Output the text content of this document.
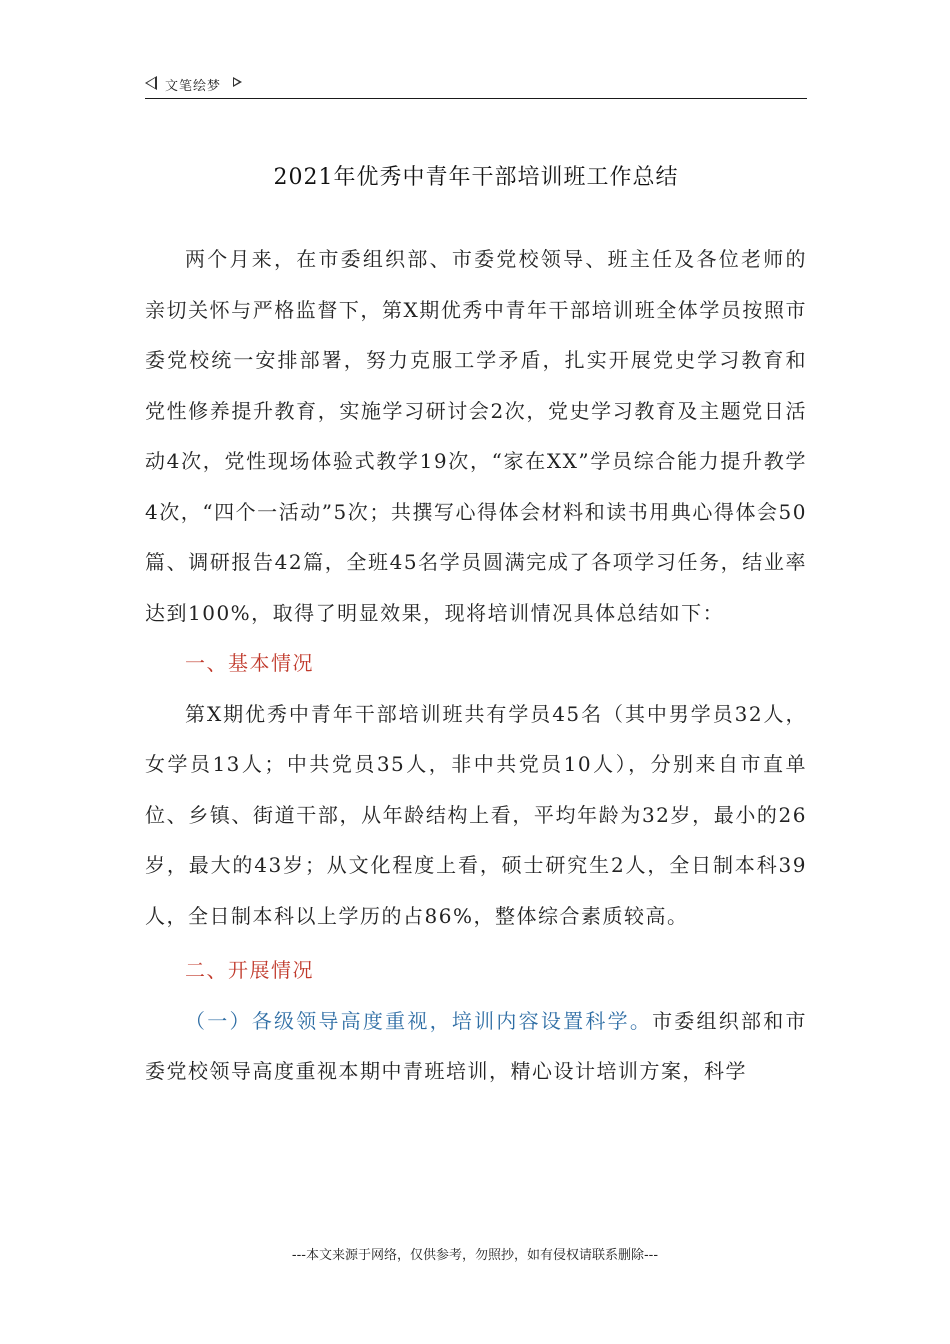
文笔绘梦
2021年优秀中青年干部培训班工作总结

两个月来，在市委组织部、市委党校领导、班主任及各位老师的亲切关怀与严格监督下，第X期优秀中青年干部培训班全体学员按照市委党校统一安排部署，努力克服工学矛盾，扎实开展党史学习教育和党性修养提升教育，实施学习研讨会2次，党史学习教育及主题党日活动4次，党性现场体验式教学19次，“家在XX”学员综合能力提升教学4次，“四个一活动”5次；共撰写心得体会材料和读书用典心得体会50篇、调研报告42篇，全班45名学员圆满完成了各项学习任务，结业率达到100%，取得了明显效果，现将培训情况具体总结如下：

一、基本情况

第X期优秀中青年干部培训班共有学员45名（其中男学员32人，女学员13人；中共党员35人，非中共党员10人），分别来自市直单位、乡镇、街道干部，从年龄结构上看，平均年龄为32岁，最小的26岁，最大的43岁；从文化程度上看，硕士研究生2人，全日制本科39人，全日制本科以上学历的占86%，整体综合素质较高。

二、开展情况

（一）各级领导高度重视，培训内容设置科学。市委组织部和市委党校领导高度重视本期中青班培训，精心设计培训方案，科学

---本文来源于网络，仅供参考，勿照抄，如有侵权请联系删除---
